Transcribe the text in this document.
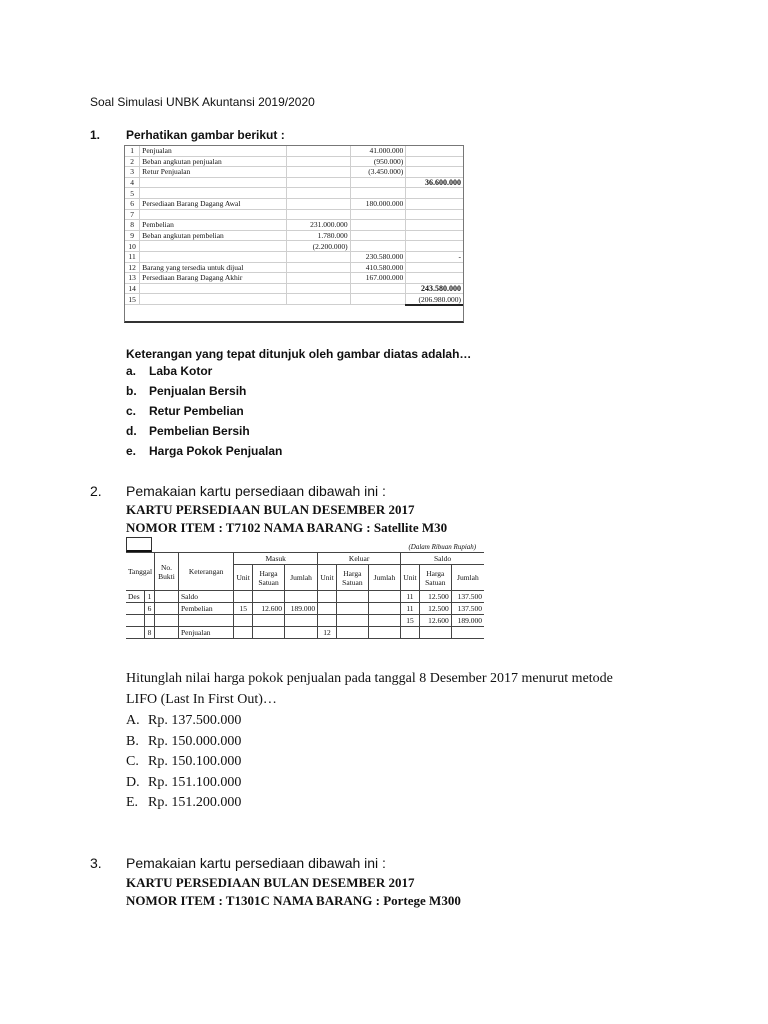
Soal Simulasi UNBK Akuntansi 2019/2020
1. Perhatikan gambar berikut :
1	Penjualan		41.000.000	
2	Beban angkutan penjualan		(950.000)	
3	Retur Penjualan		(3.450.000)	
4				36.600.000
5				
6	Persediaan Barang Dagang Awal		180.000.000	
7				
8	Pembelian	231.000.000		
9	Beban angkutan pembelian	1.780.000		
10		(2.200.000)		
11			230.580.000	-
12	Barang yang tersedia untuk dijual		410.580.000	
13	Persediaan Barang Dagang Akhir		167.000.000	
14				243.580.000
15				(206.980.000)
Keterangan yang tepat ditunjuk oleh gambar diatas adalah…
a. Laba Kotor
b. Penjualan Bersih
c. Retur Pembelian
d. Pembelian Bersih
e. Harga Pokok Penjualan
2. Pemakaian kartu persediaan dibawah ini :
KARTU PERSEDIAAN BULAN DESEMBER 2017
NOMOR ITEM : T7102 NAMA BARANG : Satellite M30
										(Dalam Ribuan Rupiah)		
Tanggal		No. Bukti	Keterangan	Masuk			Keluar			Saldo		
				Unit	Harga Satuan	Jumlah	Unit	Harga Satuan	Jumlah	Unit	Harga Satuan	Jumlah
Des	1		Saldo							11	12.500	137.500
	6		Pembelian	15	12.600	189.000				11	12.500	137.500
										15	12.600	189.000
	8		Penjualan				12					
Hitunglah nilai harga pokok penjualan pada tanggal 8 Desember 2017 menurut metode
LIFO (Last In First Out)…
A. Rp. 137.500.000
B. Rp. 150.000.000
C. Rp. 150.100.000
D. Rp. 151.100.000
E. Rp. 151.200.000
3. Pemakaian kartu persediaan dibawah ini :
KARTU PERSEDIAAN BULAN DESEMBER 2017
NOMOR ITEM : T1301C NAMA BARANG : Portege M300
